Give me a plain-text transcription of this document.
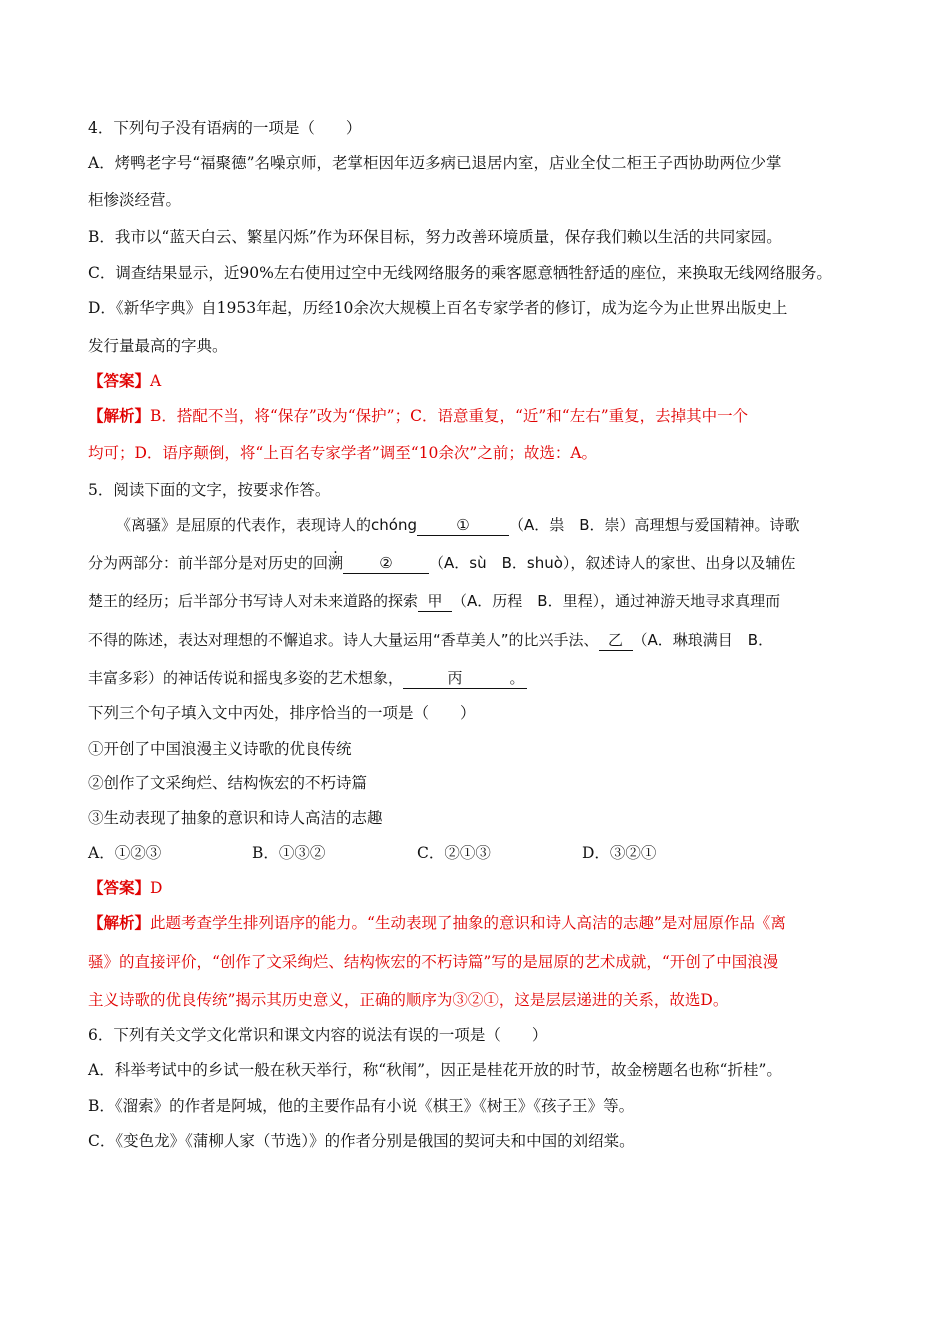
4．下列句子没有语病的一项是（　　）
A．烤鸭老字号“福聚德”名噪京师，老掌柜因年迈多病已退居内室，店业全仗二柜王子西协助两位少掌
柜惨淡经营。
B．我市以“蓝天白云、繁星闪烁”作为环保目标，努力改善环境质量，保存我们赖以生活的共同家园。
C．调查结果显示，近90%左右使用过空中无线网络服务的乘客愿意牺牲舒适的座位，来换取无线网络服务。
D．《新华字典》自1953年起，历经10余次大规模上百名专家学者的修订，成为迄今为止世界出版史上
发行量最高的字典。
【答案】A
【解析】B．搭配不当，将“保存”改为“保护”；C．语意重复，“近”和“左右”重复，去掉其中一个
均可；D．语序颠倒，将“上百名专家学者”调至“10余次”之前；故选：A。
5．阅读下面的文字，按要求作答。
《离骚》是屈原的代表作，表现诗人的chóng	①	（A．祟　B．崇）高理想与爱国精神。诗歌
分为两部分：前半部分是对历史的回溯 ② （A．sù　B．shuò），叙述诗人的家世、出身以及辅佐
楚王的经历；后半部分书写诗人对未来道路的探索 甲 （A．历程　B．里程），通过神游天地寻求真理而
不得的陈述，表达对理想的不懈追求。诗人大量运用“香草美人”的比兴手法、 乙 （A．琳琅满目　B．
丰富多彩）的神话传说和摇曳多姿的艺术想象，	丙	。
下列三个句子填入文中丙处，排序恰当的一项是（　　）
①开创了中国浪漫主义诗歌的优良传统
②创作了文采绚烂、结构恢宏的不朽诗篇
③生动表现了抽象的意识和诗人高洁的志趣
A．①②③	B．①③②	C．②①③	D．③②①
【答案】D
【解析】此题考查学生排列语序的能力。“生动表现了抽象的意识和诗人高洁的志趣”是对屈原作品《离
骚》的直接评价，“创作了文采绚烂、结构恢宏的不朽诗篇”写的是屈原的艺术成就，“开创了中国浪漫
主义诗歌的优良传统”揭示其历史意义，正确的顺序为③②①，这是层层递进的关系，故选D。
6．下列有关文学文化常识和课文内容的说法有误的一项是（　　）
A．科举考试中的乡试一般在秋天举行，称“秋闱”，因正是桂花开放的时节，故金榜题名也称“折桂”。
B．《溜索》的作者是阿城，他的主要作品有小说《棋王》《树王》《孩子王》等。
C．《变色龙》《蒲柳人家（节选）》的作者分别是俄国的契诃夫和中国的刘绍棠。
